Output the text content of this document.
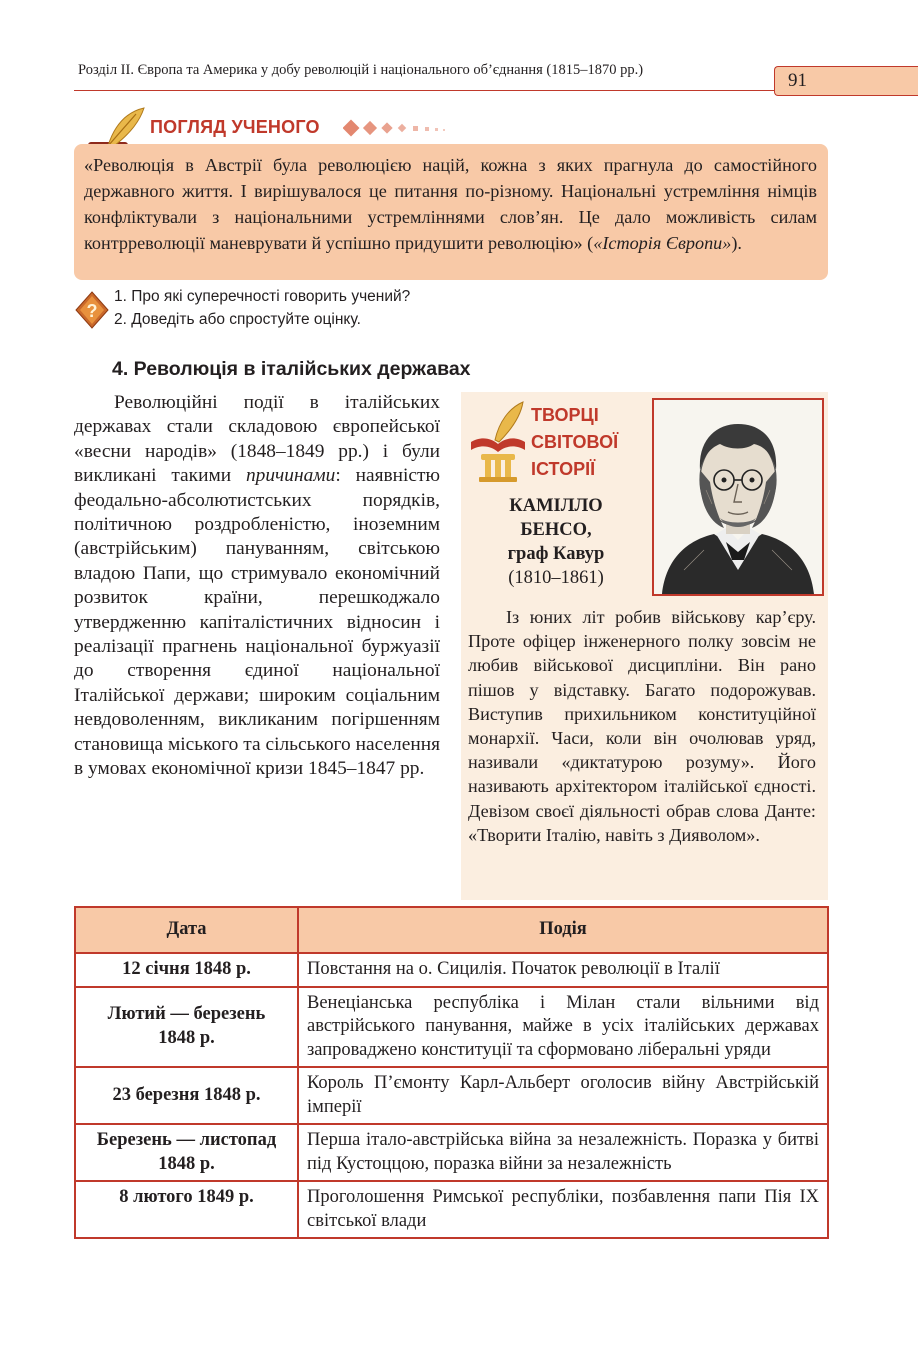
Розділ ІІ. Європа та Америка у добу революцій і національного об’єднання (1815–1870 рр.)	91
ПОГЛЯД УЧЕНОГО
«Революція в Австрії була революцією націй, кожна з яких прагнула до самостійного державного життя. І вирішувалося це питання по-різному. Національні устремління німців конфліктували з національними устремліннями слов’ян. Це дало можливість силам контрреволюції маневрувати й успішно придушити революцію» («Історія Європи»).
?
1. Про які суперечності говорить учений?
2. Доведіть або спростуйте оцінку.
4. Революція в італійських державах

Революційні події в італійських державах стали складовою європейської «весни народів» (1848–1849 рр.) і були викликані такими причинами: наявністю феодально-абсолютистських порядків, політичною роздробленістю, іноземним (австрійським) пануванням, світською владою Папи, що стримувало економічний розвиток країни, перешкоджало утвердженню капіталістичних відносин і реалізації прагнень національної буржуазії до створення єдиної національної Італійської держави; широким соціальним невдоволенням, викликаним погіршенням становища міського та сільського населення в умовах економічної кризи 1845–1847 рр.

ТВОРЦІ
СВІТОВОЇ
ІСТОРІЇ
КАМІЛЛО
БЕНСО,
граф Кавур
(1810–1861)

Із юних літ робив військову кар’єру. Проте офіцер інженерного полку зовсім не любив військової дисципліни. Він рано пішов у відставку. Багато подорожував. Виступив прихильником конституційної монархії. Часи, коли він очолював уряд, називали «диктатурою розуму». Його називають архітектором італійської єдності. Девізом своєї діяльності обрав слова Данте: «Творити Італію, навіть з Дияволом».

Дата	Подія
12 січня 1848 р.	Повстання на о. Сицилія. Початок революції в Італії
Лютий — березень 1848 р.	Венеціанська республіка і Мілан стали вільними від австрійського панування, майже в усіх італійських державах запроваджено конституції та сформовано ліберальні уряди
23 березня 1848 р.	Король П’ємонту Карл-Альберт оголосив війну Австрійській імперії
Березень — листопад 1848 р.	Перша італо-австрійська війна за незалежність. Поразка у битві під Кустоццою, поразка війни за незалежність
8 лютого 1849 р.	Проголошення Римської республіки, позбавлення папи Пія IX світської влади
